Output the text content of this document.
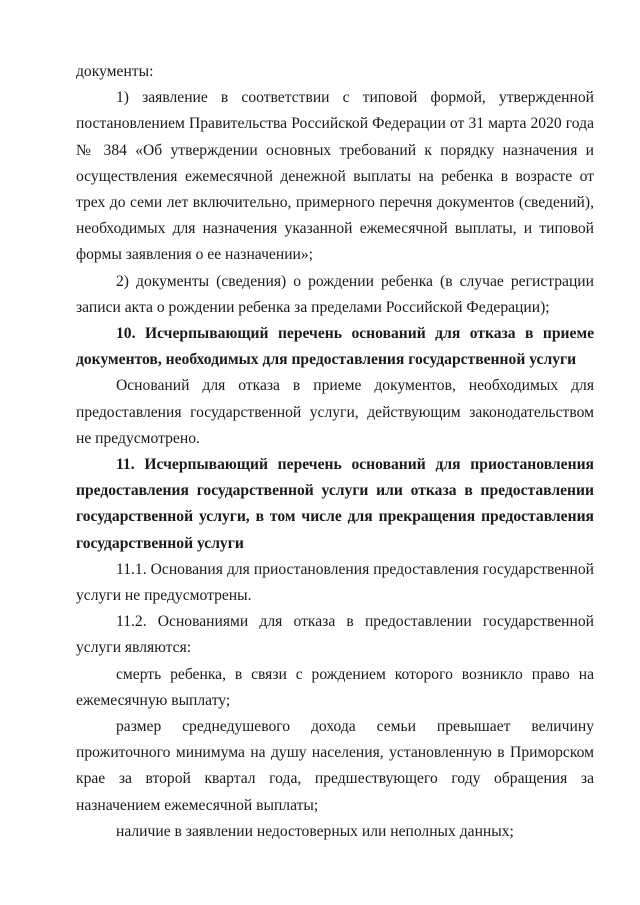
документы:

1) заявление в соответствии с типовой формой, утвержденной постановлением Правительства Российской Федерации от 31 марта 2020 года № 384 «Об утверждении основных требований к порядку назначения и осуществления ежемесячной денежной выплаты на ребенка в возрасте от трех до семи лет включительно, примерного перечня документов (сведений), необходимых для назначения указанной ежемесячной выплаты, и типовой формы заявления о ее назначении»;

2) документы (сведения) о рождении ребенка (в случае регистрации записи акта о рождении ребенка за пределами Российской Федерации);

10. Исчерпывающий перечень оснований для отказа в приеме документов, необходимых для предоставления государственной услуги

Оснований для отказа в приеме документов, необходимых для предоставления государственной услуги, действующим законодательством не предусмотрено.

11. Исчерпывающий перечень оснований для приостановления предоставления государственной услуги или отказа в предоставлении государственной услуги, в том числе для прекращения предоставления государственной услуги

11.1. Основания для приостановления предоставления государственной услуги не предусмотрены.

11.2. Основаниями для отказа в предоставлении государственной услуги являются:

смерть ребенка, в связи с рождением которого возникло право на ежемесячную выплату;

размер среднедушевого дохода семьи превышает величину прожиточного минимума на душу населения, установленную в Приморском крае за второй квартал года, предшествующего году обращения за назначением ежемесячной выплаты;

наличие в заявлении недостоверных или неполных данных;
